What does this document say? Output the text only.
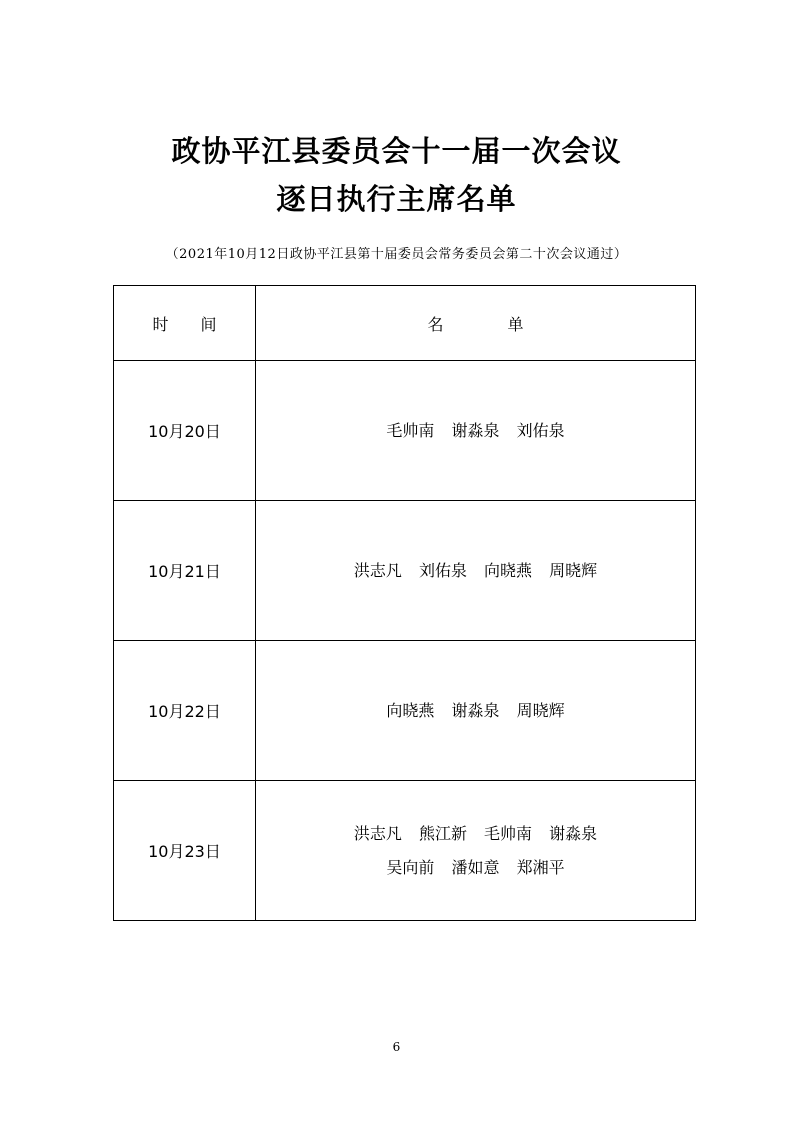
政协平江县委员会十一届一次会议
逐日执行主席名单
（2021年10月12日政协平江县第十届委员会常务委员会第二十次会议通过）
时　　间	名　　　　单
10月20日	毛帅南 谢淼泉 刘佑泉

10月21日	洪志凡 刘佑泉 向晓燕 周晓辉

10月22日	向晓燕 谢淼泉 周晓辉

10月23日	洪志凡 熊江新 毛帅南 谢淼泉
吴向前 潘如意 郑湘平
6
